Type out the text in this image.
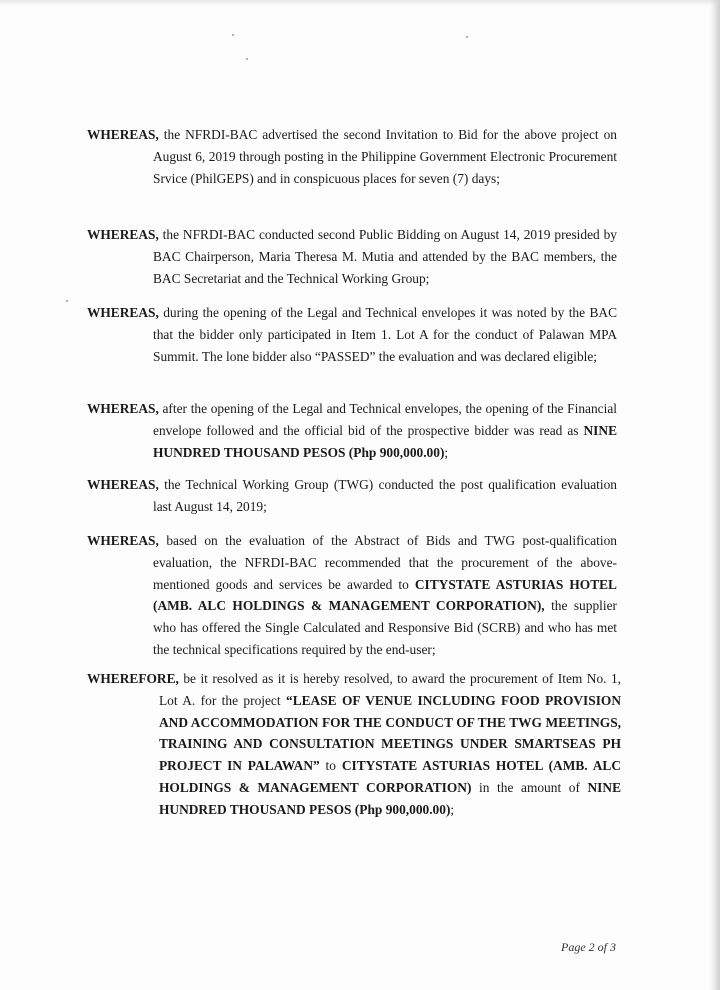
WHEREAS, the NFRDI-BAC advertised the second Invitation to Bid for the above project on August 6, 2019 through posting in the Philippine Government Electronic Procurement Srvice (PhilGEPS) and in conspicuous places for seven (7) days;

WHEREAS, the NFRDI-BAC conducted second Public Bidding on August 14, 2019 presided by BAC Chairperson, Maria Theresa M. Mutia and attended by the BAC members, the BAC Secretariat and the Technical Working Group;

WHEREAS, during the opening of the Legal and Technical envelopes it was noted by the BAC that the bidder only participated in Item 1. Lot A for the conduct of Palawan MPA Summit. The lone bidder also “PASSED” the evaluation and was declared eligible;

WHEREAS, after the opening of the Legal and Technical envelopes, the opening of the Financial envelope followed and the official bid of the prospective bidder was read as NINE HUNDRED THOUSAND PESOS (Php 900,000.00);

WHEREAS, the Technical Working Group (TWG) conducted the post qualification evaluation last August 14, 2019;

WHEREAS, based on the evaluation of the Abstract of Bids and TWG post-qualification evaluation, the NFRDI-BAC recommended that the procurement of the above-mentioned goods and services be awarded to CITYSTATE ASTURIAS HOTEL (AMB. ALC HOLDINGS & MANAGEMENT CORPORATION), the supplier who has offered the Single Calculated and Responsive Bid (SCRB) and who has met the technical specifications required by the end-user;

WHEREFORE, be it resolved as it is hereby resolved, to award the procurement of Item No. 1, Lot A. for the project “LEASE OF VENUE INCLUDING FOOD PROVISION AND ACCOMMODATION FOR THE CONDUCT OF THE TWG MEETINGS, TRAINING AND CONSULTATION MEETINGS UNDER SMARTSEAS PH PROJECT IN PALAWAN” to CITYSTATE ASTURIAS HOTEL (AMB. ALC HOLDINGS & MANAGEMENT CORPORATION) in the amount of NINE HUNDRED THOUSAND PESOS (Php 900,000.00);

Page 2 of 3
